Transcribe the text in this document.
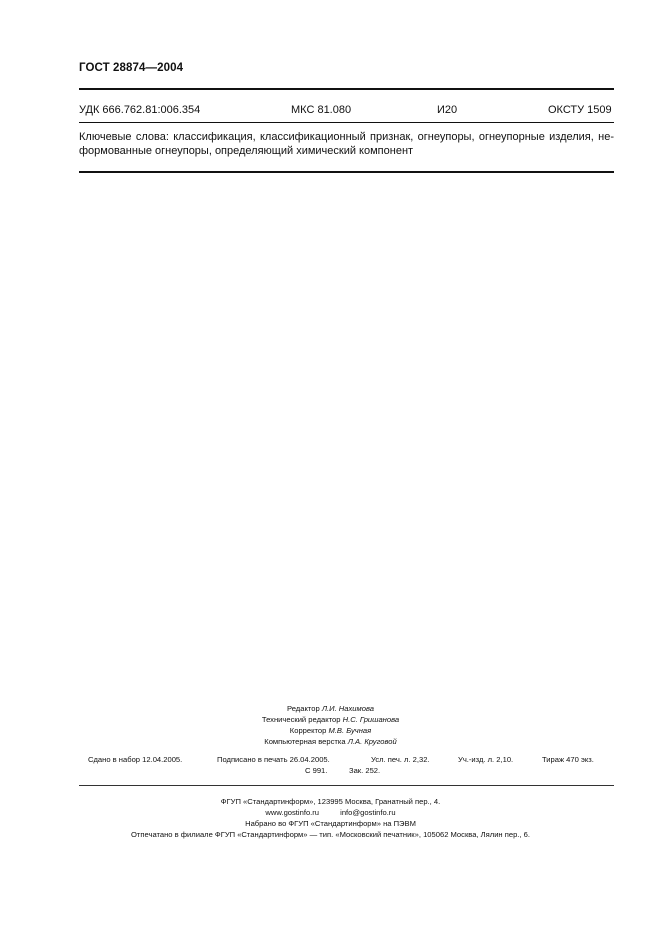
ГОСТ 28874—2004
УДК 666.762.81:006.354	МКС 81.080	И20	ОКСТУ 1509

Ключевые слова: классификация, классификационный признак, огнеупоры, огнеупорные изделия, не-

формованные огнеупоры, определяющий химический компонент

Редактор Л.И. Нахимова
Технический редактор Н.С. Гришанова
Корректор М.В. Бучная
Компьютерная верстка Л.А. Круговой
Сдано в набор 12.04.2005.	Подписано в печать 26.04.2005.	Усл. печ. л. 2,32.	Уч.-изд. л. 2,10.	Тираж 470 экз.
С 991.	Зак. 252.
ФГУП «Стандартинформ», 123995 Москва, Гранатный пер., 4.
www.gostinfo.ru	info@gostinfo.ru
Набрано во ФГУП «Стандартинформ» на ПЭВМ
Отпечатано в филиале ФГУП «Стандартинформ» — тип. «Московский печатник», 105062 Москва, Лялин пер., 6.
